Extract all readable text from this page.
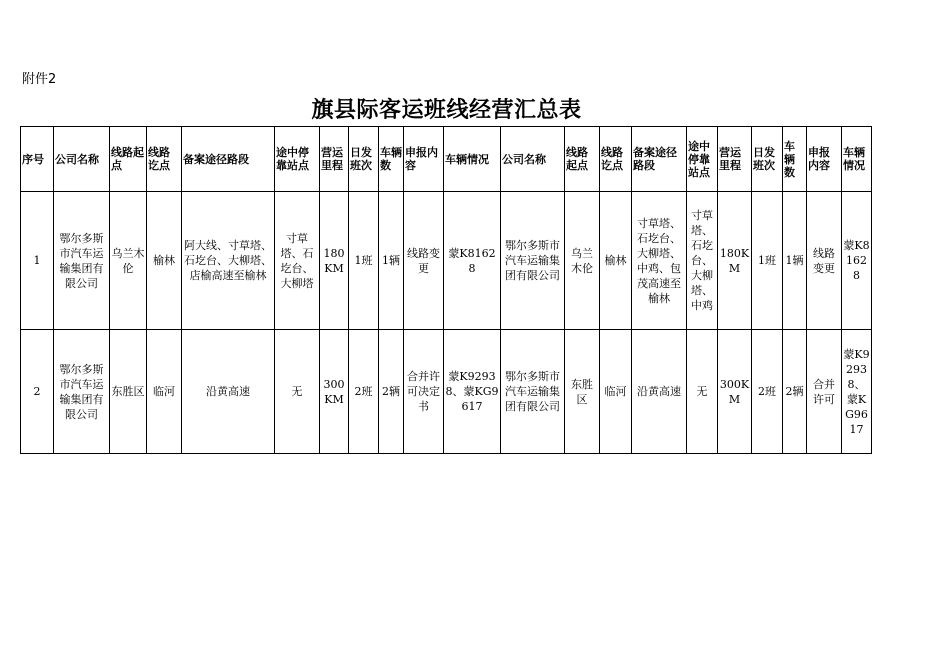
附件2
旗县际客运班线经营汇总表
序号	公司名称	线路起点	线路讫点	备案途径路段	途中停靠站点	营运里程	日发班次	车辆数	申报内容	车辆情况	公司名称	线路起点	线路讫点	备案途径路段	途中停靠站点	营运里程	日发班次	车辆数	申报内容	车辆情况
1	鄂尔多斯市汽车运输集团有限公司	乌兰木伦	榆林	阿大线、寸草塔、石圪台、大柳塔、店榆高速至榆林	寸草塔、石圪台、大柳塔	180KM	1班	1辆	线路变更	蒙K81628	鄂尔多斯市汽车运输集团有限公司	乌兰木伦	榆林	寸草塔、石圪台、大柳塔、中鸡、包茂高速至榆林	寸草塔、石圪台、大柳塔、中鸡	180KM	1班	1辆	线路变更	蒙K81628
2	鄂尔多斯市汽车运输集团有限公司	东胜区	临河	沿黄高速	无	300KM	2班	2辆	合并许可决定书	蒙K92938、蒙KG9617	鄂尔多斯市汽车运输集团有限公司	东胜区	临河	沿黄高速	无	300KM	2班	2辆	合并许可	蒙K92938、蒙KG9617
